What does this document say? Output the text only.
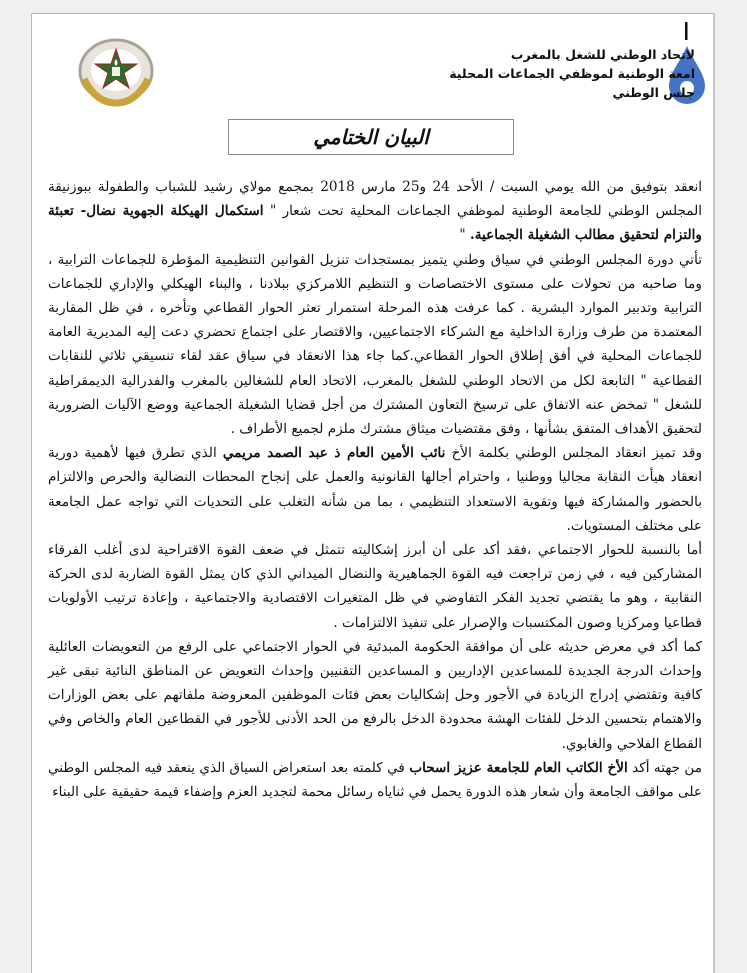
لاتحاد الوطني للشغل بالمغرب
امعة الوطنية لموظفي الجماعات المحلية
جلس الوطني
البيان الختامي

انعقد بتوفيق من الله يومي السبت / الأحد 24 و25 مارس 2018 بمجمع مولاي رشيد للشباب والطفولة ببوزنيقة المجلس الوطني للجامعة الوطنية لموظفي الجماعات المحلية تحت شعار " استكمال الهيكلة الجهوية نضال- تعبئة والتزام لتحقيق مطالب الشغيلة الجماعية. "

تأتي دورة المجلس الوطني في سياق وطني يتميز بمستجدات تنزيل القوانين التنظيمية المؤطرة للجماعات الترابية ، وما صاحبه من تحولات على مستوى الاختصاصات و التنظيم اللامركزي ببلادنا ، والبناء الهيكلي والإداري للجماعات الترابية وتدبير الموارد البشرية . كما عرفت هذه المرحلة استمرار تعثر الحوار القطاعي وتأخره ، في ظل المقاربة المعتمدة من طرف وزارة الداخلية مع الشركاء الاجتماعيين، والاقتصار على اجتماع تحضري دعت إليه المديرية العامة للجماعات المحلية في أفق إطلاق الحوار القطاعي.كما جاء هذا الانعقاد في سياق عقد لقاء تنسيقي ثلاثي للنقابات القطاعية " التابعة لكل من الاتحاد الوطني للشغل بالمغرب، الاتحاد العام للشغالين بالمغرب والفدرالية الديمقراطية للشغل " تمخض عنه الاتفاق على ترسيخ التعاون المشترك من أجل قضايا الشغيلة الجماعية ووضع الآليات الضرورية لتحقيق الأهداف المتفق بشأنها ، وفق مقتضيات ميثاق مشترك ملزم لجميع الأطراف .

وقد تميز انعقاد المجلس الوطني بكلمة الأخ نائب الأمين العام ذ عبد الصمد مريمي الذي تطرق فيها لأهمية دورية انعقاد هيأت النقابة مجاليا ووطنيا ، واحترام أجالها القانونية والعمل على إنجاح المحطات النضالية والحرص والالتزام بالحضور والمشاركة فيها وتقوية الاستعداد التنظيمي ، بما من شأنه التغلب على التحديات التي تواجه عمل الجامعة على مختلف المستويات.

أما بالنسبة للحوار الاجتماعي ،فقد أكد على أن أبرز إشكاليته تتمثل في ضعف القوة الاقتراحية لدى أغلب الفرقاء المشاركين فيه ، في زمن تراجعت فيه القوة الجماهيرية والنضال الميداني الذي كان يمثل القوة الضاربة لدى الحركة النقابية ، وهو ما يقتضي تجديد الفكر التفاوضي في ظل المتغيرات الاقتصادية والاجتماعية ، وإعادة ترتيب الأولويات قطاعيا ومركزيا وصون المكتسبات والإصرار على تنفيذ الالتزامات .

كما أكد في معرض حديثه على أن موافقة الحكومة المبدئية في الحوار الاجتماعي على الرفع من التعويضات العائلية وإحداث الدرجة الجديدة للمساعدين الإداريين و المساعدين التقنيين وإحداث التعويض عن المناطق النائية تبقى غير كافية وتقتضي إدراج الزيادة في الأجور وحل إشكاليات بعض فئات الموظفين المعروضة ملفاتهم على بعض الوزارات والاهتمام بتحسين الدخل للفئات الهشة محدودة الدخل بالرفع من الحد الأدنى للأجور في القطاعين العام والخاص وفي القطاع الفلاحي والغابوي.

من جهته أكد الأخ الكاتب العام للجامعة عزيز اسحاب في كلمته بعد استعراض السياق الذي ينعقد فيه المجلس الوطني على مواقف الجامعة وأن شعار هذه الدورة يحمل في ثناياه رسائل محمة لتجديد العزم وإضفاء قيمة حقيقية على البناء
